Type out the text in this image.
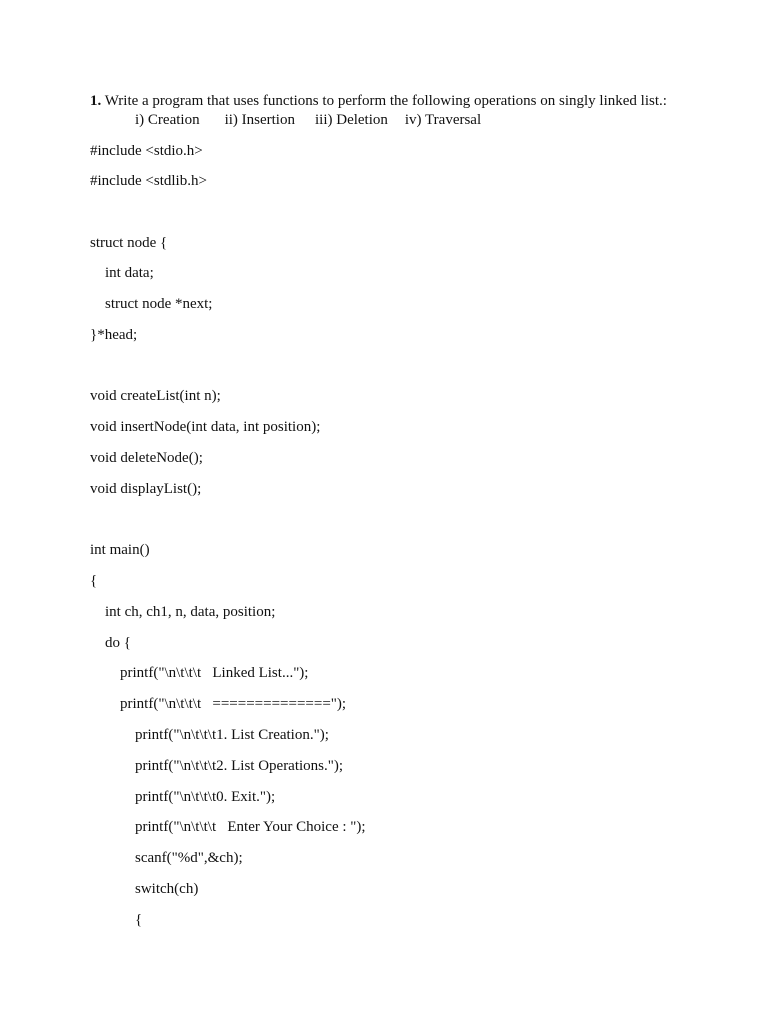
1. Write a program that uses functions to perform the following operations on singly linked list.:
i) Creation ii) Insertion iii) Deletion iv) Traversal
#include <stdio.h>
#include <stdlib.h>
struct node {
int data;
struct node *next;
}*head;
void createList(int n);
void insertNode(int data, int position);
void deleteNode();
void displayList();
int main()
{
int ch, ch1, n, data, position;
do {
printf("\n\t\t\t   Linked List...");
printf("\n\t\t\t   ==============");
printf("\n\t\t\t1. List Creation.");
printf("\n\t\t\t2. List Operations.");
printf("\n\t\t\t0. Exit.");
printf("\n\t\t\t   Enter Your Choice : ");
scanf("%d",&ch);
switch(ch)
{
